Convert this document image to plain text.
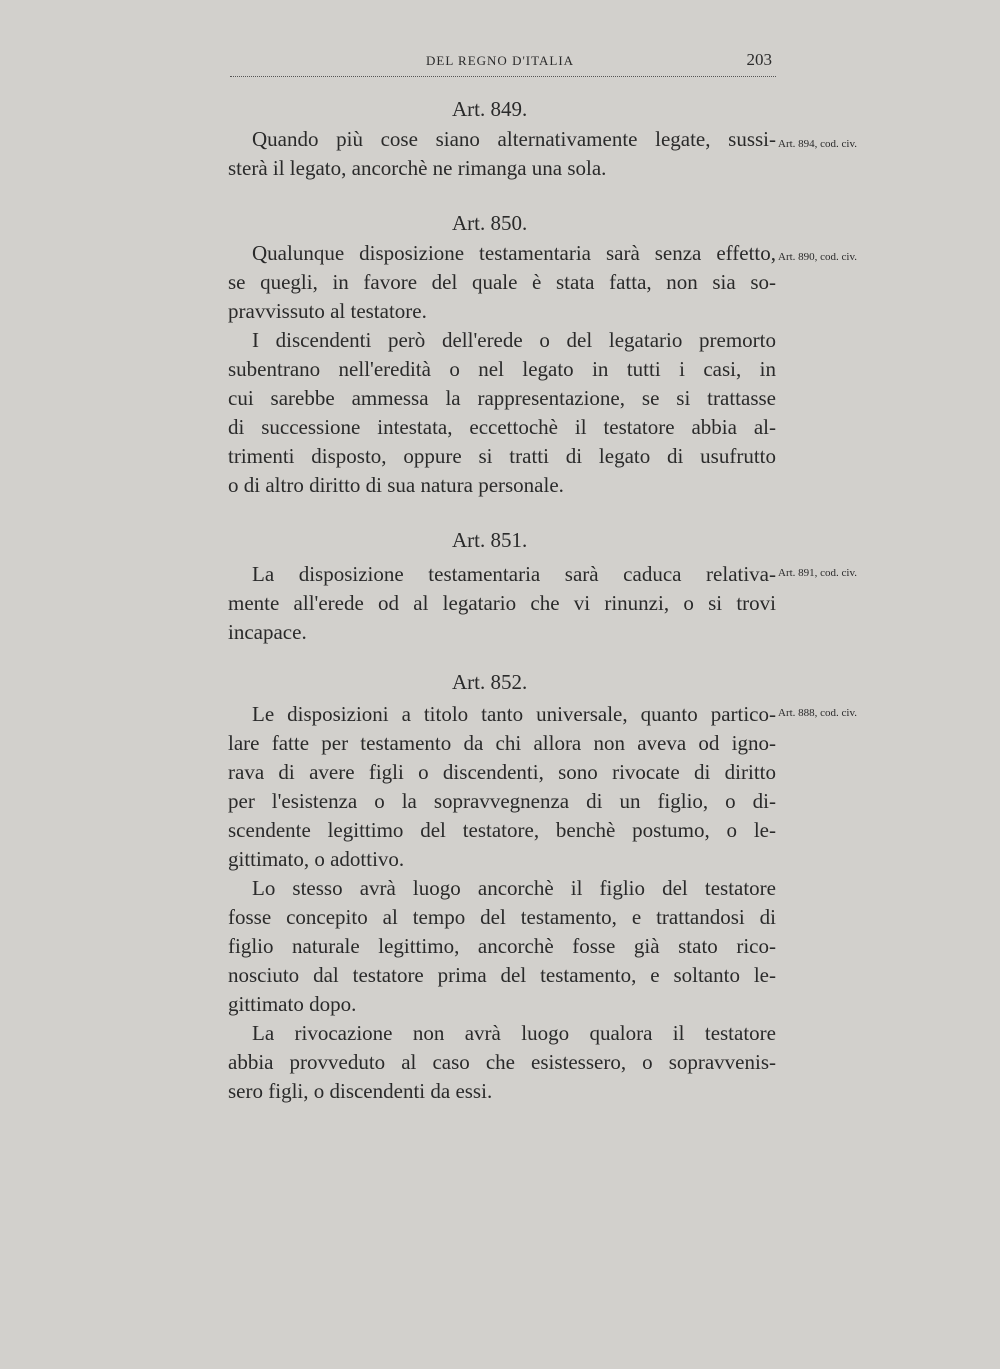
DEL REGNO D'ITALIA	203
Art. 849.
Art. 894, cod. civ.
Quando più cose siano alternativamente legate, sussi-
sterà il legato, ancorchè ne rimanga una sola.
Art. 850.
Art. 890, cod. civ.
Qualunque disposizione testamentaria sarà senza effetto,
se quegli, in favore del quale è stata fatta, non sia so-
pravvissuto al testatore.
I discendenti però dell'erede o del legatario premorto
subentrano nell'eredità o nel legato in tutti i casi, in
cui sarebbe ammessa la rappresentazione, se si trattasse
di successione intestata, eccettochè il testatore abbia al-
trimenti disposto, oppure si tratti di legato di usufrutto
o di altro diritto di sua natura personale.
Art. 851.
Art. 891, cod. civ.
La disposizione testamentaria sarà caduca relativa-
mente all'erede od al legatario che vi rinunzi, o si trovi
incapace.
Art. 852.
Art. 888, cod. civ.
Le disposizioni a titolo tanto universale, quanto partico-
lare fatte per testamento da chi allora non aveva od igno-
rava di avere figli o discendenti, sono rivocate di diritto
per l'esistenza o la sopravvegnenza di un figlio, o di-
scendente legittimo del testatore, benchè postumo, o le-
gittimato, o adottivo.
Lo stesso avrà luogo ancorchè il figlio del testatore
fosse concepito al tempo del testamento, e trattandosi di
figlio naturale legittimo, ancorchè fosse già stato rico-
nosciuto dal testatore prima del testamento, e soltanto le-
gittimato dopo.
La rivocazione non avrà luogo qualora il testatore
abbia provveduto al caso che esistessero, o sopravvenis-
sero figli, o discendenti da essi.
